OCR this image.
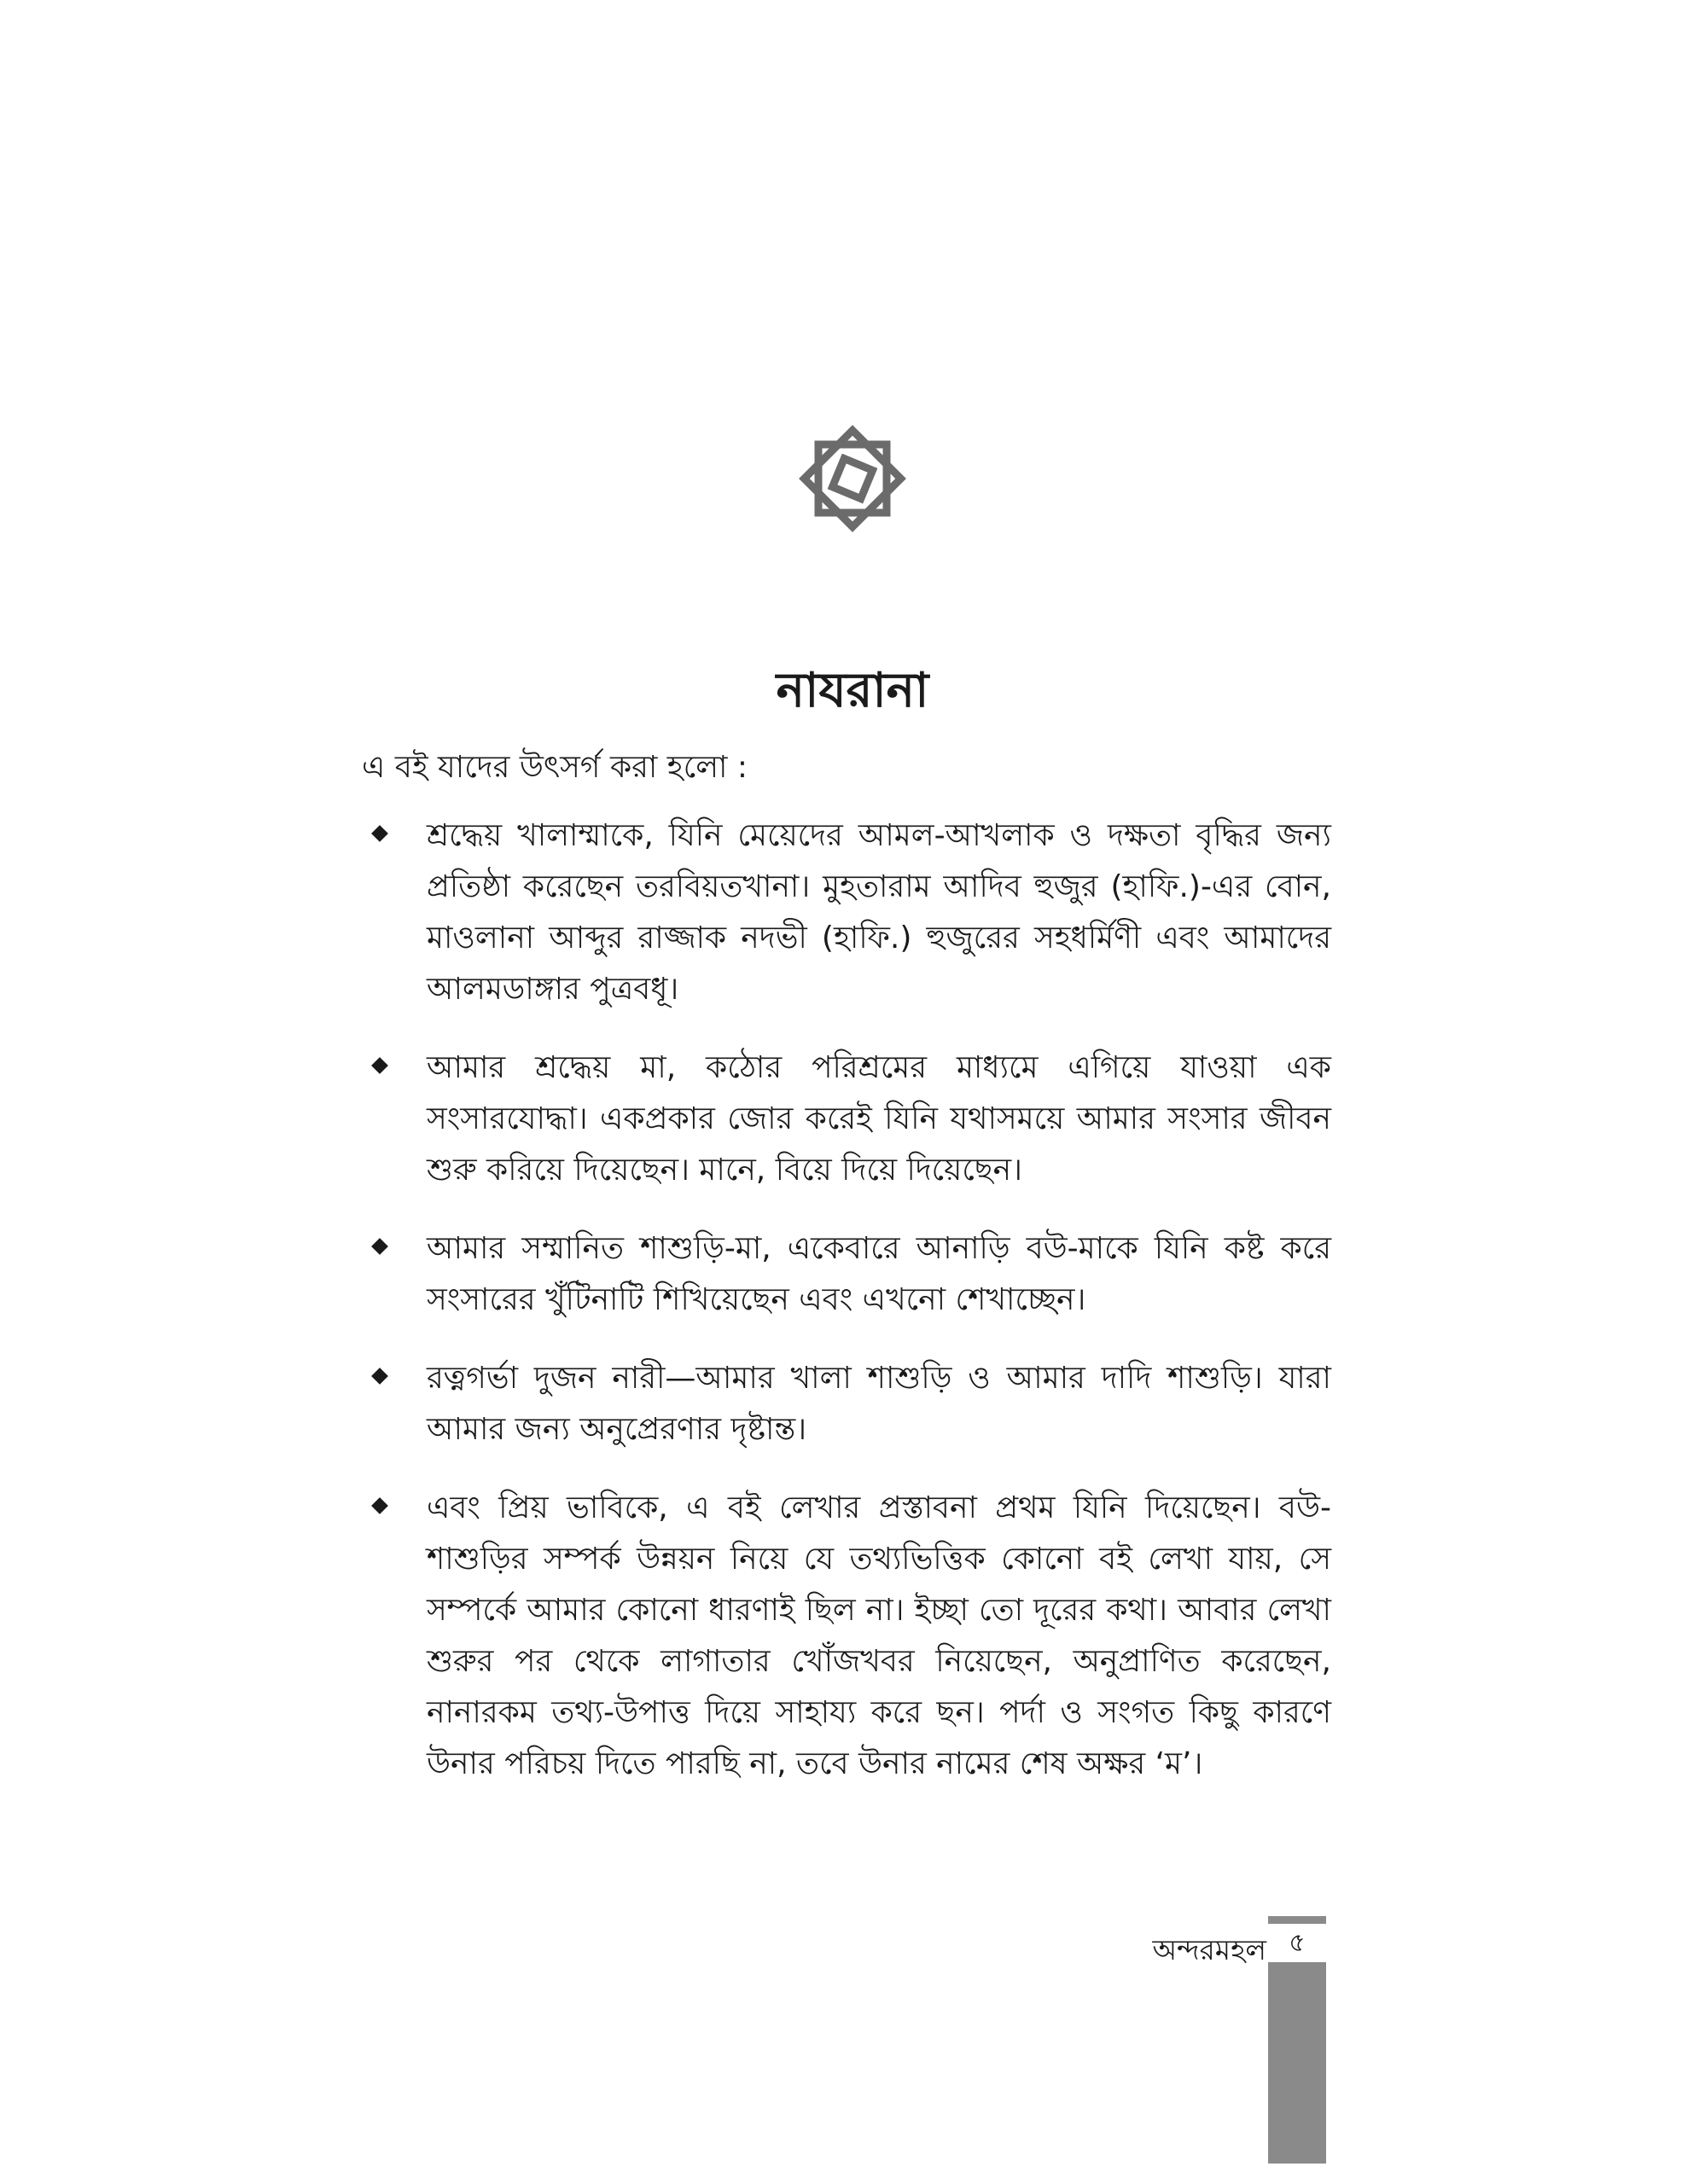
নাযরানা
এ বই যাদের উৎসর্গ করা হলো :
শ্রদ্ধেয় খালাম্মাকে, যিনি মেয়েদের আমল-আখলাক ও দক্ষতা বৃদ্ধির জন্য প্রতিষ্ঠা করেছেন তরবিয়তখানা। মুহতারাম আদিব হুজুর (হাফি.)-এর বোন, মাওলানা আব্দুর রাজ্জাক নদভী (হাফি.) হুজুরের সহধর্মিণী এবং আমাদের আলমডাঙ্গার পুত্রবধূ।
আমার শ্রদ্ধেয় মা, কঠোর পরিশ্রমের মাধ্যমে এগিয়ে যাওয়া এক সংসারযোদ্ধা। একপ্রকার জোর করেই যিনি যথাসময়ে আমার সংসার জীবন শুরু করিয়ে দিয়েছেন। মানে, বিয়ে দিয়ে দিয়েছেন।
আমার সম্মানিত শাশুড়ি-মা, একেবারে আনাড়ি বউ-মাকে যিনি কষ্ট করে সংসারের খুঁটিনাটি শিখিয়েছেন এবং এখনো শেখাচ্ছেন।
রত্নগর্ভা দুজন নারী—আমার খালা শাশুড়ি ও আমার দাদি শাশুড়ি। যারা আমার জন্য অনুপ্রেরণার দৃষ্টান্ত।
এবং প্রিয় ভাবিকে, এ বই লেখার প্রস্তাবনা প্রথম যিনি দিয়েছেন। বউ-শাশুড়ির সম্পর্ক উন্নয়ন নিয়ে যে তথ্যভিত্তিক কোনো বই লেখা যায়, সে সম্পর্কে আমার কোনো ধারণাই ছিল না। ইচ্ছা তো দূরের কথা। আবার লেখা শুরুর পর থেকে লাগাতার খোঁজখবর নিয়েছেন, অনুপ্রাণিত করেছেন, নানারকম তথ্য-উপাত্ত দিয়ে সাহায্য করে ছন। পর্দা ও সংগত কিছু কারণে উনার পরিচয় দিতে পারছি না, তবে উনার নামের শেষ অক্ষর ‘ম’।
অন্দরমহল ৫
